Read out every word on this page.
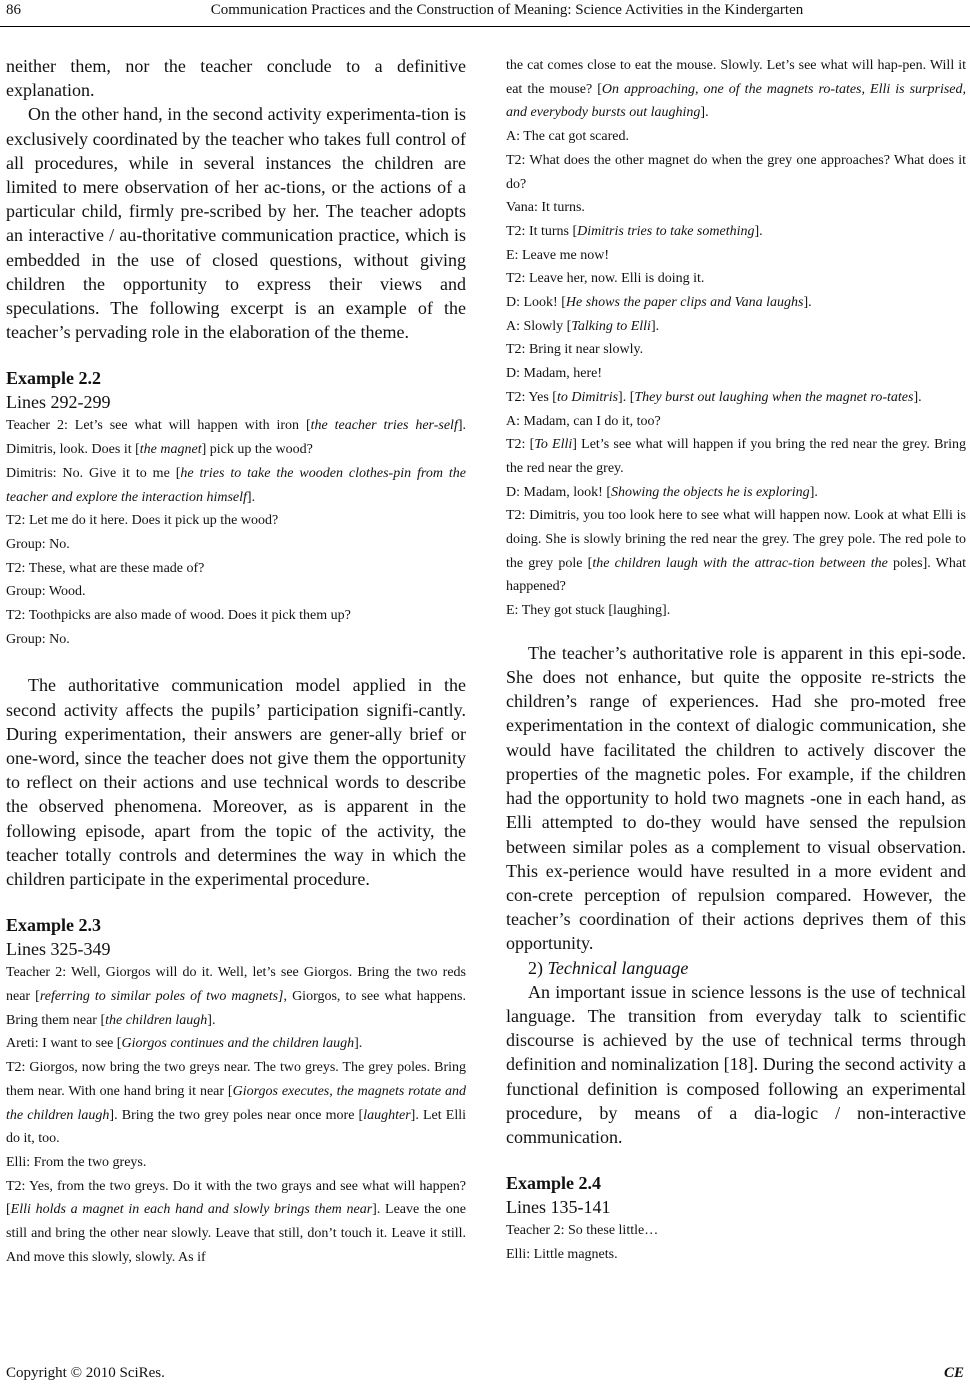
86	Communication Practices and the Construction of Meaning: Science Activities in the Kindergarten

neither them, nor the teacher conclude to a definitive explanation.

On the other hand, in the second activity experimenta-tion is exclusively coordinated by the teacher who takes full control of all procedures, while in several instances the children are limited to mere observation of her ac-tions, or the actions of a particular child, firmly pre-scribed by her. The teacher adopts an interactive / au-thoritative communication practice, which is embedded in the use of closed questions, without giving children the opportunity to express their views and speculations. The following excerpt is an example of the teacher’s pervading role in the elaboration of the theme.

Example 2.2
Lines 292-299

Teacher 2: Let’s see what will happen with iron [the teacher tries her-self]. Dimitris, look. Does it [the magnet] pick up the wood?

Dimitris: No. Give it to me [he tries to take the wooden clothes-pin from the teacher and explore the interaction himself].

T2: Let me do it here. Does it pick up the wood?

Group: No.

T2: These, what are these made of?

Group: Wood.

T2: Toothpicks are also made of wood. Does it pick them up?

Group: No.

The authoritative communication model applied in the second activity affects the pupils’ participation signifi-cantly. During experimentation, their answers are gener-ally brief or one-word, since the teacher does not give them the opportunity to reflect on their actions and use technical words to describe the observed phenomena. Moreover, as is apparent in the following episode, apart from the topic of the activity, the teacher totally controls and determines the way in which the children participate in the experimental procedure.

Example 2.3
Lines 325-349

Teacher 2: Well, Giorgos will do it. Well, let’s see Giorgos. Bring the two reds near [referring to similar poles of two magnets], Giorgos, to see what happens. Bring them near [the children laugh].

Areti: I want to see [Giorgos continues and the children laugh].

T2: Giorgos, now bring the two greys near. The two greys. The grey poles. Bring them near. With one hand bring it near [Giorgos executes, the magnets rotate and the children laugh]. Bring the two grey poles near once more [laughter]. Let Elli do it, too.

Elli: From the two greys.

T2: Yes, from the two greys. Do it with the two grays and see what will happen? [Elli holds a magnet in each hand and slowly brings them near]. Leave the one still and bring the other near slowly. Leave that still, don’t touch it. Leave it still. And move this slowly, slowly. As if

the cat comes close to eat the mouse. Slowly. Let’s see what will hap-pen. Will it eat the mouse? [On approaching, one of the magnets ro-tates, Elli is surprised, and everybody bursts out laughing].

A: The cat got scared.

T2: What does the other magnet do when the grey one approaches? What does it do?

Vana: It turns.

T2: It turns [Dimitris tries to take something].

E: Leave me now!

T2: Leave her, now. Elli is doing it.

D: Look! [He shows the paper clips and Vana laughs].

A: Slowly [Talking to Elli].

T2: Bring it near slowly.

D: Madam, here!

T2: Yes [to Dimitris]. [They burst out laughing when the magnet ro-tates].

A: Madam, can I do it, too?

T2: [To Elli] Let’s see what will happen if you bring the red near the grey. Bring the red near the grey.

D: Madam, look! [Showing the objects he is exploring].

T2: Dimitris, you too look here to see what will happen now. Look at what Elli is doing. She is slowly brining the red near the grey. The grey pole. The red pole to the grey pole [the children laugh with the attrac-tion between the poles]. What happened?

E: They got stuck [laughing].

The teacher’s authoritative role is apparent in this epi-sode. She does not enhance, but quite the opposite re-stricts the children’s range of experiences. Had she pro-moted free experimentation in the context of dialogic communication, she would have facilitated the children to actively discover the properties of the magnetic poles. For example, if the children had the opportunity to hold two magnets -one in each hand, as Elli attempted to do-they would have sensed the repulsion between similar poles as a complement to visual observation. This ex-perience would have resulted in a more evident and con-crete perception of repulsion compared. However, the teacher’s coordination of their actions deprives them of this opportunity.

2) Technical language

An important issue in science lessons is the use of technical language. The transition from everyday talk to scientific discourse is achieved by the use of technical terms through definition and nominalization [18]. During the second activity a functional definition is composed following an experimental procedure, by means of a dia-logic / non-interactive communication.

Example 2.4
Lines 135-141

Teacher 2: So these little…

Elli: Little magnets.

Copyright © 2010 SciRes.	CE
